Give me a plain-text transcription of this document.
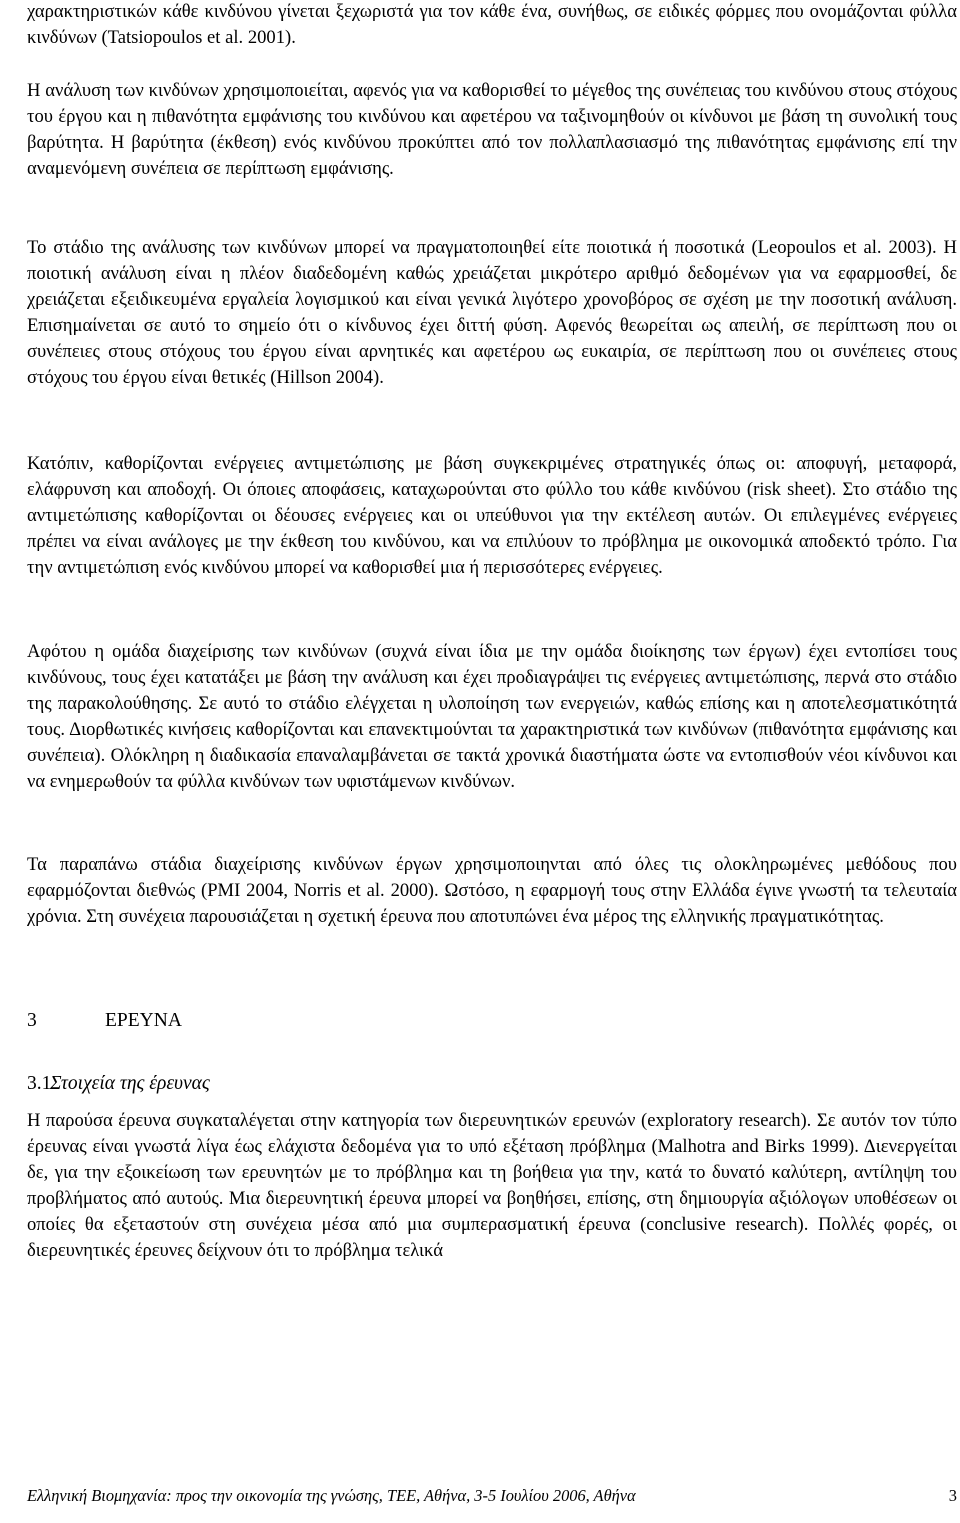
χαρακτηριστικών κάθε κινδύνου γίνεται ξεχωριστά για τον κάθε ένα, συνήθως, σε ειδικές φόρμες που ονομάζονται φύλλα κινδύνων (Tatsiopoulos et al. 2001).

Η ανάλυση των κινδύνων χρησιμοποιείται, αφενός για να καθορισθεί το μέγεθος της συνέπειας του κινδύνου στους στόχους του έργου και η πιθανότητα εμφάνισης του κινδύνου και αφετέρου να ταξινομηθούν οι κίνδυνοι με βάση τη συνολική τους βαρύτητα. Η βαρύτητα (έκθεση) ενός κινδύνου προκύπτει από τον πολλαπλασιασμό της πιθανότητας εμφάνισης επί την αναμενόμενη συνέπεια σε περίπτωση εμφάνισης.

Το στάδιο της ανάλυσης των κινδύνων μπορεί να πραγματοποιηθεί είτε ποιοτικά ή ποσοτικά (Leopoulos et al. 2003). Η ποιοτική ανάλυση είναι η πλέον διαδεδομένη καθώς χρειάζεται μικρότερο αριθμό δεδομένων για να εφαρμοσθεί, δε χρειάζεται εξειδικευμένα εργαλεία λογισμικού και είναι γενικά λιγότερο χρονοβόρος σε σχέση με την ποσοτική ανάλυση. Επισημαίνεται σε αυτό το σημείο ότι ο κίνδυνος έχει διττή φύση. Αφενός θεωρείται ως απειλή, σε περίπτωση που οι συνέπειες στους στόχους του έργου είναι αρνητικές και αφετέρου ως ευκαιρία, σε περίπτωση που οι συνέπειες στους στόχους του έργου είναι θετικές (Hillson 2004).

Κατόπιν, καθορίζονται ενέργειες αντιμετώπισης με βάση συγκεκριμένες στρατηγικές όπως οι: αποφυγή, μεταφορά, ελάφρυνση και αποδοχή. Οι όποιες αποφάσεις, καταχωρούνται στο φύλλο του κάθε κινδύνου (risk sheet). Στο στάδιο της αντιμετώπισης καθορίζονται οι δέουσες ενέργειες και οι υπεύθυνοι για την εκτέλεση αυτών. Οι επιλεγμένες ενέργειες πρέπει να είναι ανάλογες με την έκθεση του κινδύνου, και να επιλύουν το πρόβλημα με οικονομικά αποδεκτό τρόπο. Για την αντιμετώπιση ενός κινδύνου μπορεί να καθορισθεί μια ή περισσότερες ενέργειες.

Αφότου η ομάδα διαχείρισης των κινδύνων (συχνά είναι ίδια με την ομάδα διοίκησης των έργων) έχει εντοπίσει τους κινδύνους, τους έχει κατατάξει με βάση την ανάλυση και έχει προδιαγράψει τις ενέργειες αντιμετώπισης, περνά στο στάδιο της παρακολούθησης. Σε αυτό το στάδιο ελέγχεται η υλοποίηση των ενεργειών, καθώς επίσης και η αποτελεσματικότητά τους. Διορθωτικές κινήσεις καθορίζονται και επανεκτιμούνται τα χαρακτηριστικά των κινδύνων (πιθανότητα εμφάνισης και συνέπεια). Ολόκληρη η διαδικασία επαναλαμβάνεται σε τακτά χρονικά διαστήματα ώστε να εντοπισθούν νέοι κίνδυνοι και να ενημερωθούν τα φύλλα κινδύνων των υφιστάμενων κινδύνων.

Τα παραπάνω στάδια διαχείρισης κινδύνων έργων χρησιμοποιηνται από όλες τις ολοκληρωμένες μεθόδους που εφαρμόζονται διεθνώς (PMI 2004, Norris et al. 2000). Ωστόσο, η εφαρμογή τους στην Ελλάδα έγινε γνωστή τα τελευταία χρόνια. Στη συνέχεια παρουσιάζεται η σχετική έρευνα που αποτυπώνει ένα μέρος της ελληνικής πραγματικότητας.

3	ΕΡΕΥΝΑ
3.1Στοιχεία της έρευνας

Η παρούσα έρευνα συγκαταλέγεται στην κατηγορία των διερευνητικών ερευνών (exploratory research). Σε αυτόν τον τύπο έρευνας είναι γνωστά λίγα έως ελάχιστα δεδομένα για το υπό εξέταση πρόβλημα (Malhotra and Birks 1999). Διενεργείται δε, για την εξοικείωση των ερευνητών με το πρόβλημα και τη βοήθεια για την, κατά το δυνατό καλύτερη, αντίληψη του προβλήματος από αυτούς. Μια διερευνητική έρευνα μπορεί να βοηθήσει, επίσης, στη δημιουργία αξιόλογων υποθέσεων οι οποίες θα εξεταστούν στη συνέχεια μέσα από μια συμπερασματική έρευνα (conclusive research). Πολλές φορές, οι διερευνητικές έρευνες δείχνουν ότι το πρόβλημα τελικά

Ελληνική Βιομηχανία: προς την οικονομία της γνώσης, ΤΕΕ, Αθήνα, 3-5 Ιουλίου 2006, Αθήνα	3
